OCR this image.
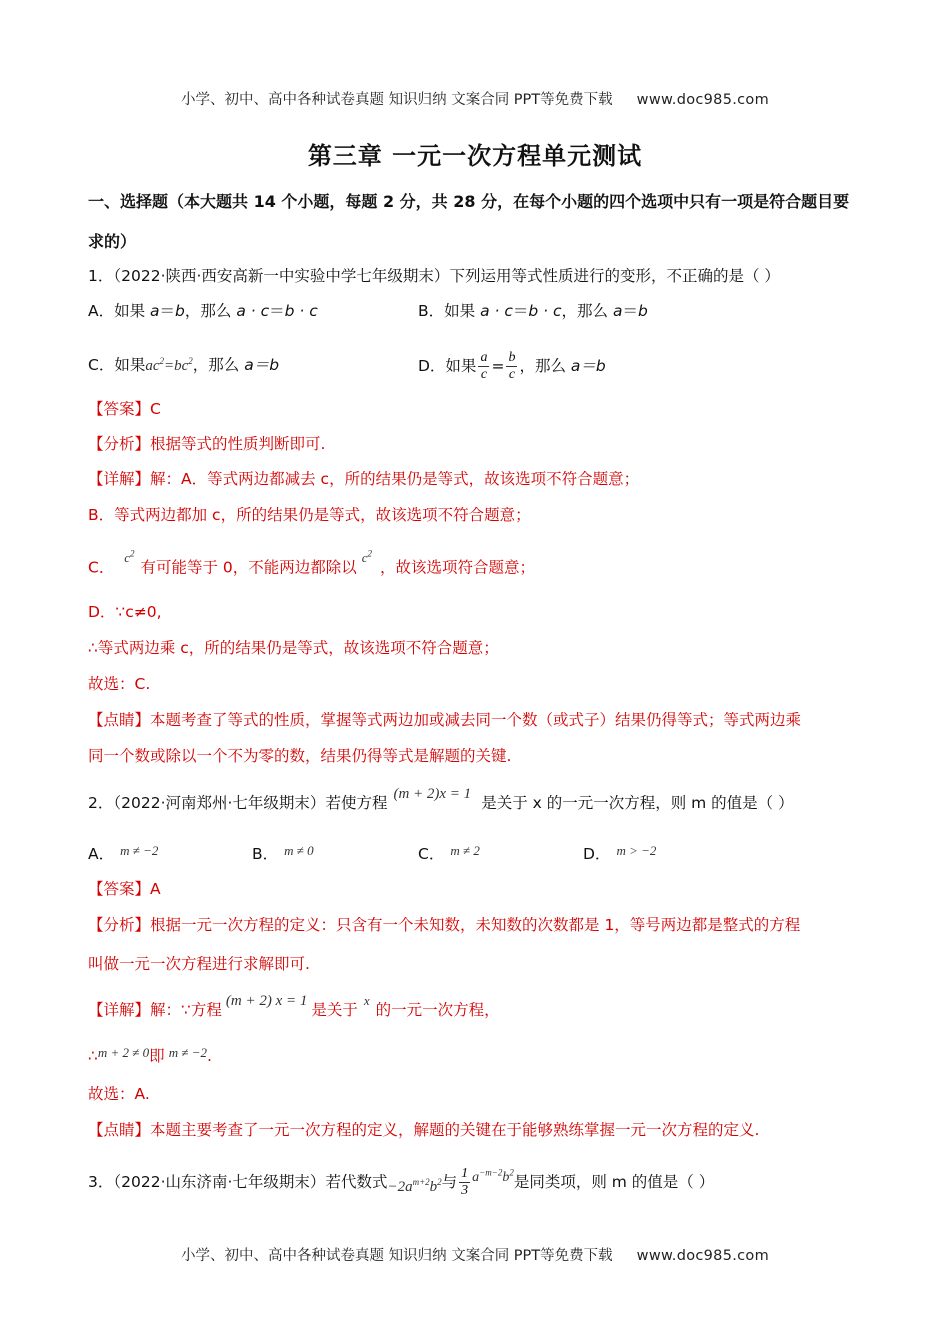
小学、初中、高中各种试卷真题 知识归纳 文案合同 PPT等免费下载 www.doc985.com
第三章 一元一次方程单元测试
一、选择题（本大题共 14 个小题，每题 2 分，共 28 分，在每个小题的四个选项中只有一项是符合题目要
求的）
1．（2022·陕西·西安高新一中实验中学七年级期末）下列运用等式性质进行的变形，不正确的是（ ）
A．如果 a＝b，那么 a · c＝b · c	B．如果 a · c＝b · c，那么 a＝b
C．如果$ac^2=bc^2$，那么 a＝b	D．如果 $\frac{a}{c} = \frac{b}{c}$ ，那么 a＝b
【答案】C
【分析】根据等式的性质判断即可.
【详解】解：A．等式两边都减去 c，所的结果仍是等式，故该选项不符合题意；
B．等式两边都加 c，所的结果仍是等式，故该选项不符合题意；
C．  $^{c^2}$有可能等于 0，不能两边都除以 $^{c^2}$，故该选项符合题意；
D．∵c≠0,
∴等式两边乘 c，所的结果仍是等式，故该选项不符合题意；
故选：C.
【点睛】本题考查了等式的性质，掌握等式两边加或减去同一个数（或式子）结果仍得等式；等式两边乘
同一个数或除以一个不为零的数，结果仍得等式是解题的关键.
2．（2022·河南郑州·七年级期末）若使方程 (m + 2)x = 1 是关于 x 的一元一次方程，则 m 的值是（ ）
A． $^{m \ne -2}$	B． $^{m \ne 0}$	C． $^{m \ne 2}$	D． $^{m > -2}$
【答案】A
【分析】根据一元一次方程的定义：只含有一个未知数，未知数的次数都是 1，等号两边都是整式的方程
叫做一元一次方程进行求解即可.
【详解】解：∵方程 (m + 2) x = 1 是关于$^x$的一元一次方程，
∴$^{m + 2 \ne 0}$即 $^{m \ne -2}$.
故选：A.
【点睛】本题主要考查了一元一次方程的定义，解题的关键在于能够熟练掌握一元一次方程的定义.
3．（2022·山东济南·七年级期末）若代数式$-2a^{m+2}b^2$与 $\frac{1}{3} a^{-m-2}b^2$是同类项，则 m 的值是（ ）
小学、初中、高中各种试卷真题 知识归纳 文案合同 PPT等免费下载 www.doc985.com
